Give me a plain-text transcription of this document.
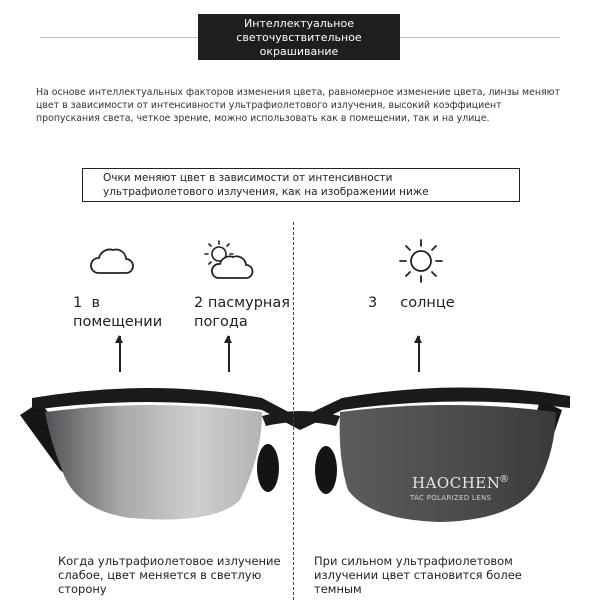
Интеллектуальное
светочувствительное
окрашивание

На основе интеллектуальных факторов изменения цвета, равномерное изменение цвета, линзы меняют цвет в зависимости от интенсивности ультрафиолетового излучения, высокий коэффициент пропускания света, четкое зрение, можно использовать как в помещении, так и на улице.

Очки меняют цвет в зависимости от интенсивности
ультрафиолетового излучения, как на изображении ниже
1 в
помещении
2 пасмурная
погода
3 солнце
HAOCHEN
®
TAC POLARIZED LENS
Когда ультрафиолетовое излучение
слабое, цвет меняется в светлую
сторону
При сильном ультрафиолетовом
излучении цвет становится более
темным
